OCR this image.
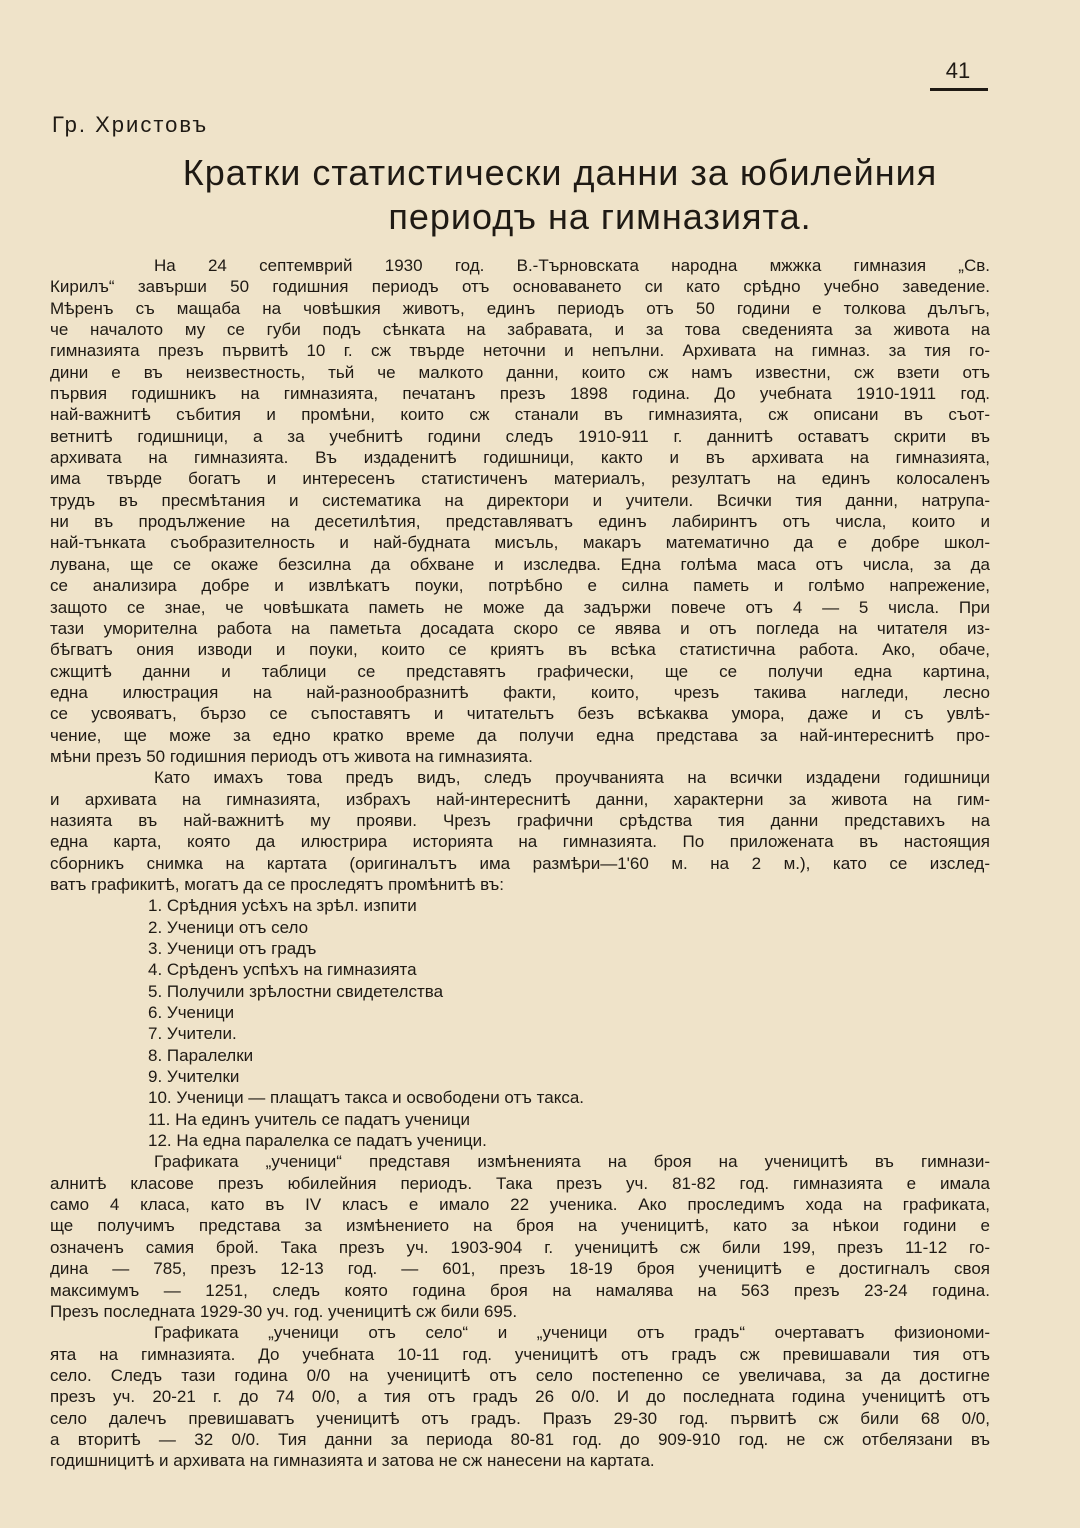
41
Гр. Христовъ
Кратки статистически данни за юбилейния
периодъ на гимназията.
На 24 септемврий 1930 год. В.-Търновската народна мжжка гимназия „Св.
Кирилъ“ завърши 50 годишния периодъ отъ основаването си като срѣдно учебно заведение.
Мѣренъ съ мащаба на човѣшкия животъ, единъ периодъ отъ 50 години е толкова дълъгъ,
че началото му се губи подъ сѣнката на забравата, и за това сведенията за живота на
гимназията презъ първитѣ 10 г. сж твърде неточни и непълни. Архивата на гимназ. за тия го-
дини е въ неизвестность, тьй че малкото данни, които сж намъ известни, сж взети отъ
първия годишникъ на гимназията, печатанъ презъ 1898 година. До учебната 1910-1911 год.
най-важнитѣ събития и промѣни, които сж станали въ гимназията, сж описани въ съот-
ветнитѣ годишници, а за учебнитѣ години следъ 1910-911 г. даннитѣ оставатъ скрити въ
архивата на гимназията. Въ издаденитѣ годишници, както и въ архивата на гимназията,
има твърде богатъ и интересенъ статистиченъ материалъ, резултатъ на единъ колосаленъ
трудъ въ пресмѣтания и систематика на директори и учители. Всички тия данни, натрупа-
ни въ продължение на десетилѣтия, представляватъ единъ лабиринтъ отъ числа, които и
най-тънката съобразителность и най-будната мисъль, макаръ математично да е добре школ-
лувана, ще се окаже безсилна да обхване и изследва. Една голѣма маса отъ числа, за да
се анализира добре и извлѣкатъ поуки, потрѣбно е силна паметь и голѣмо напрежение,
защото се знае, че човѣшката паметь не може да задържи повече отъ 4 — 5 числа. При
тази уморителна работа на паметьта досадата скоро се явява и отъ погледа на читателя из-
бѣгватъ ония изводи и поуки, които се криятъ въ всѣка статистична работа. Ако, обаче,
сжщитѣ данни и таблици се представятъ графически, ще се получи една картина,
една илюстрация на най-разнообразнитѣ факти, които, чрезъ такива нагледи, лесно
се усвояватъ, бързо се съпоставятъ и читательтъ безъ всѣкаква умора, даже и съ увлѣ-
чение, ще може за едно кратко време да получи една представа за най-интереснитѣ про-
мѣни презъ 50 годишния периодъ отъ живота на гимназията.
Като имахъ това предъ видъ, следъ проучванията на всички издадени годишници
и архивата на гимназията, избрахъ най-интереснитѣ данни, характерни за живота на гим-
назията въ най-важнитѣ му прояви. Чрезъ графични срѣдства тия данни представихъ на
една карта, която да илюстрира историята на гимназията. По приложената въ настоящия
сборникъ снимка на картата (оригиналътъ има размѣри—1'60 м. на 2 м.), като се изслед-
ватъ графикитѣ, могатъ да се проследятъ промѣнитѣ въ:
1. Срѣдния усѣхъ на зрѣл. изпити
2. Ученици отъ село
3. Ученици отъ градъ
4. Срѣденъ успѣхъ на гимназията
5. Получили зрѣлостни свидетелства
6. Ученици
7. Учители.
8. Паралелки
9. Учителки
10. Ученици — плащатъ такса и освободени отъ такса.
11. На единъ учитель се падатъ ученици
12. На една паралелка се падатъ ученици.
Графиката „ученици“ представя измѣненията на броя на ученицитѣ въ гимнази-
алнитѣ класове презъ юбилейния периодъ. Така презъ уч. 81-82 год. гимназията е имала
само 4 класа, като въ IV класъ е имало 22 ученика. Ако проследимъ хода на графиката,
ще получимъ представа за измѣнението на броя на ученицитѣ, като за нѣкои години е
означенъ самия брой. Така презъ уч. 1903-904 г. ученицитѣ сж били 199, презъ 11-12 го-
дина — 785, презъ 12-13 год. — 601, презъ 18-19 броя ученицитѣ е достигналъ своя
максимумъ — 1251, следъ която година броя на намалява на 563 презъ 23-24 година.
Презъ последната 1929-30 уч. год. ученицитѣ сж били 695.
Графиката „ученици отъ село“ и „ученици отъ градъ“ очертаватъ физиономи-
ята на гимназията. До учебната 10-11 год. ученицитѣ отъ градъ сж превишавали тия отъ
село. Следъ тази година 0/0 на ученицитѣ отъ село постепенно се увеличава, за да достигне
презъ уч. 20-21 г. до 74 0/0, а тия отъ градъ 26 0/0. И до последната година ученицитѣ отъ
село далечъ превишаватъ ученицитѣ отъ градъ. Празъ 29-30 год. първитѣ сж били 68 0/0,
а вторитѣ — 32 0/0. Тия данни за периода 80-81 год. до 909-910 год. не сж отбелязани въ
годишницитѣ и архивата на гимназията и затова не сж нанесени на картата.
